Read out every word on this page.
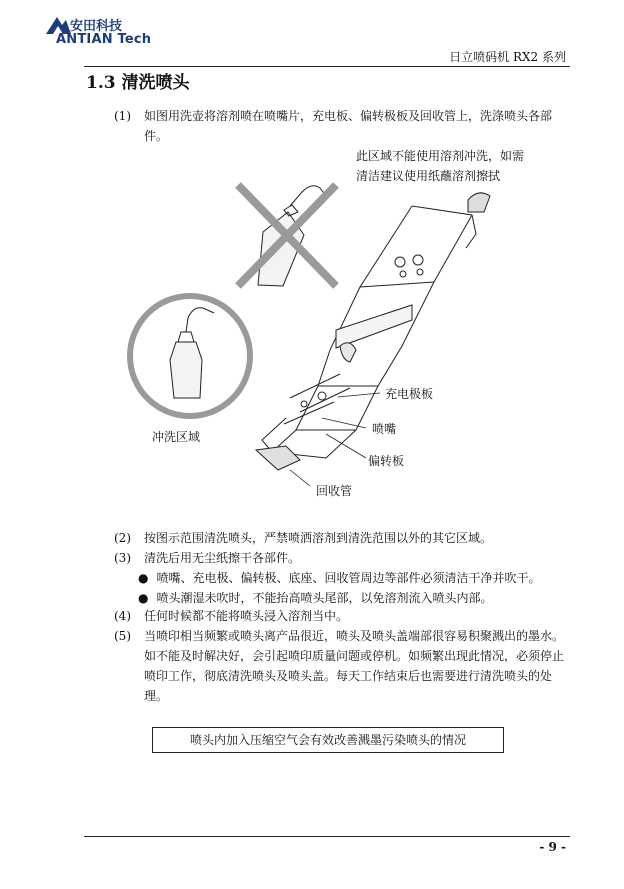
安田科技
ANTIAN Tech
日立喷码机 RX2 系列
1.3 清洗喷头
(1)	如图用洗壶将溶剂喷在喷嘴片，充电板、偏转极板及回收管上，洗涤喷头各部件。
此区域不能使用溶剂冲洗，如需
清洁建议使用纸蘸溶剂擦拭
冲洗区域
充电极板
喷嘴
偏转板
回收管
(2)	按图示范围清洗喷头，严禁喷洒溶剂到清洗范围以外的其它区域。
(3)	清洗后用无尘纸擦干各部件。
● 喷嘴、充电极、偏转极、底座、回收管周边等部件必须清洁干净并吹干。
● 喷头潮湿未吹时，不能抬高喷头尾部，以免溶剂流入喷头内部。
(4)	任何时候都不能将喷头浸入溶剂当中。
(5)	当喷印相当频繁或喷头离产品很近，喷头及喷头盖端部很容易积聚溅出的墨水。如不能及时解决好，会引起喷印质量问题或停机。如频繁出现此情况，必须停止喷印工作，彻底清洗喷头及喷头盖。每天工作结束后也需要进行清洗喷头的处理。
喷头内加入压缩空气会有效改善溅墨污染喷头的情况
- 9 -
